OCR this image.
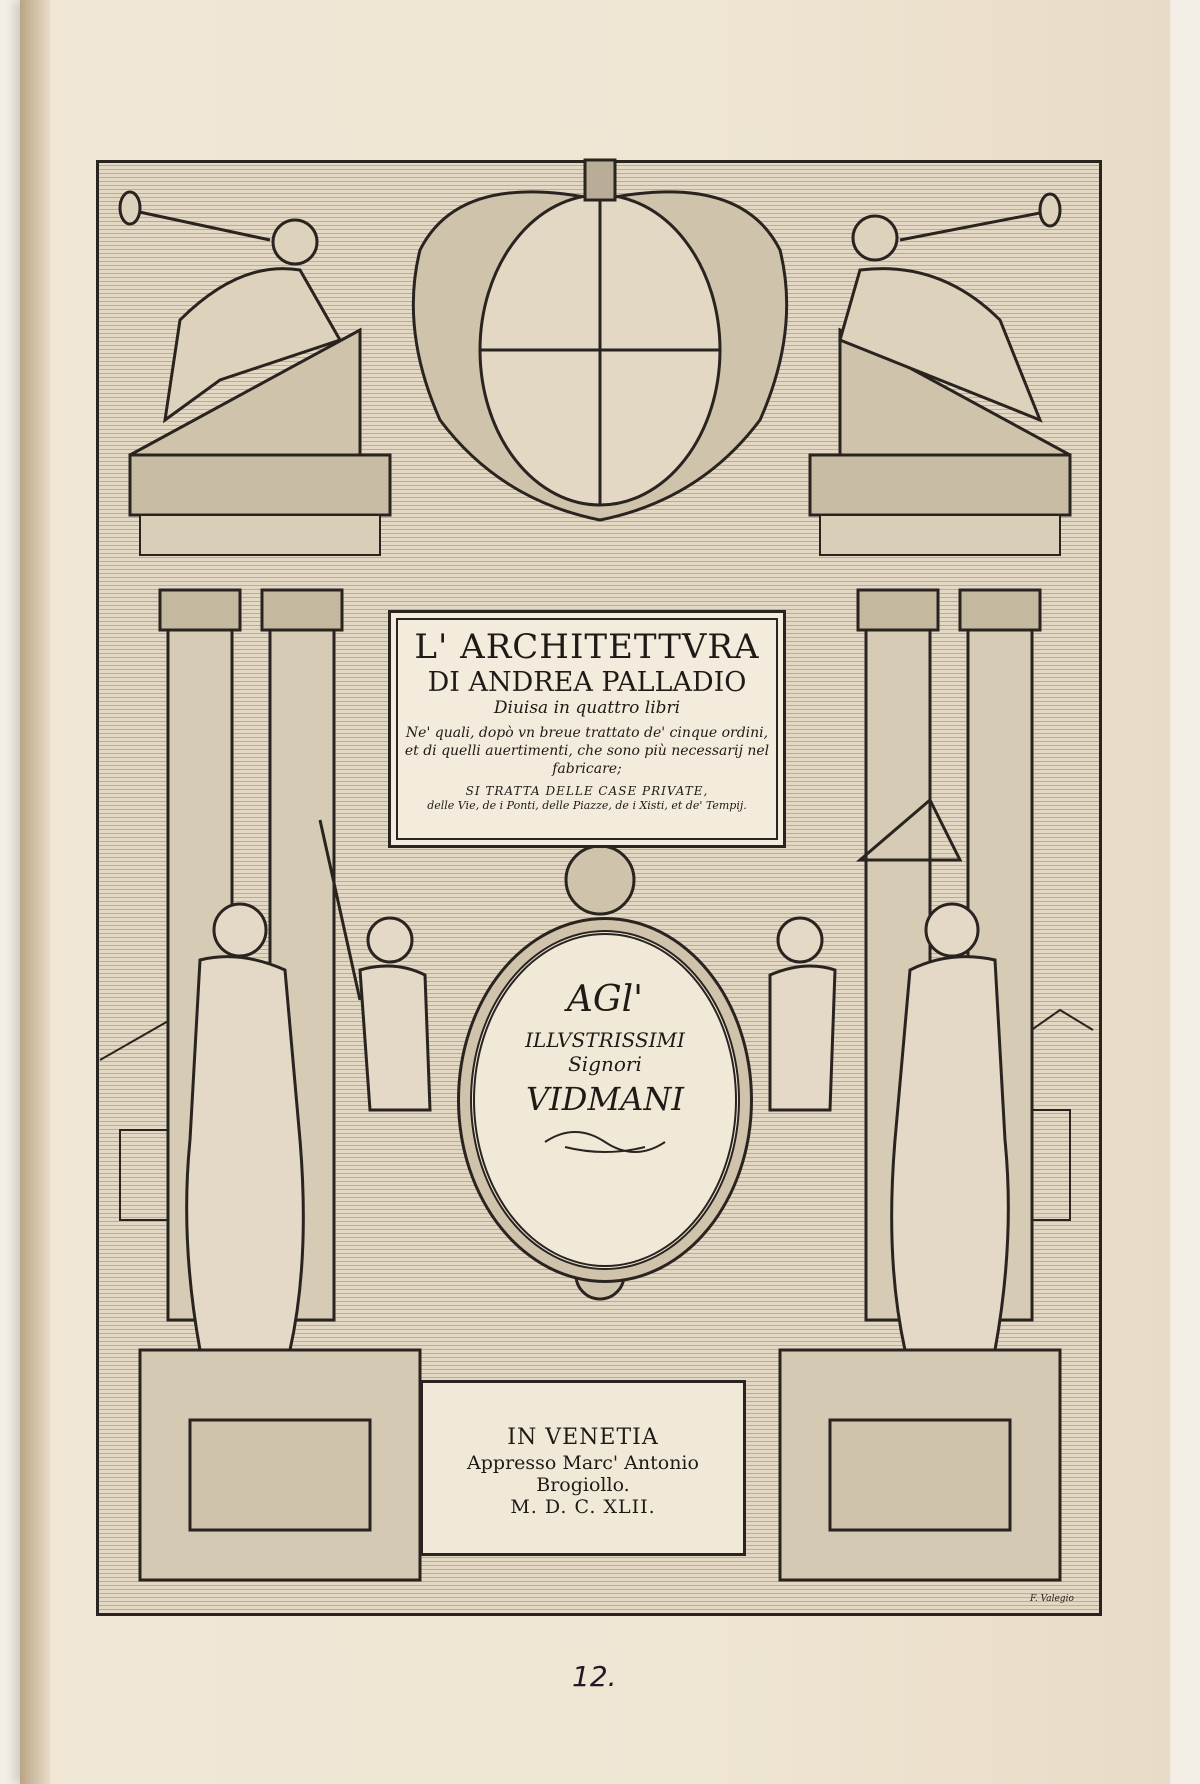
L' ARCHITETTVRA
DI ANDREA PALLADIO
Diuisa in quattro libri
Ne' quali, dopò vn breue trattato de' cinque ordini, et di quelli auertimenti, che sono più necessarij nel fabricare;
SI TRATTA DELLE CASE PRIVATE,
delle Vie, de i Ponti, delle Piazze, de i Xisti, et de' Tempij.
AGl'
ILLVSTRISSIMI
Signori
VIDMANI
IN VENETIA
Appresso Marc' Antonio
Brogiollo.
M. D. C. XLII.
F. Valegio
12.
